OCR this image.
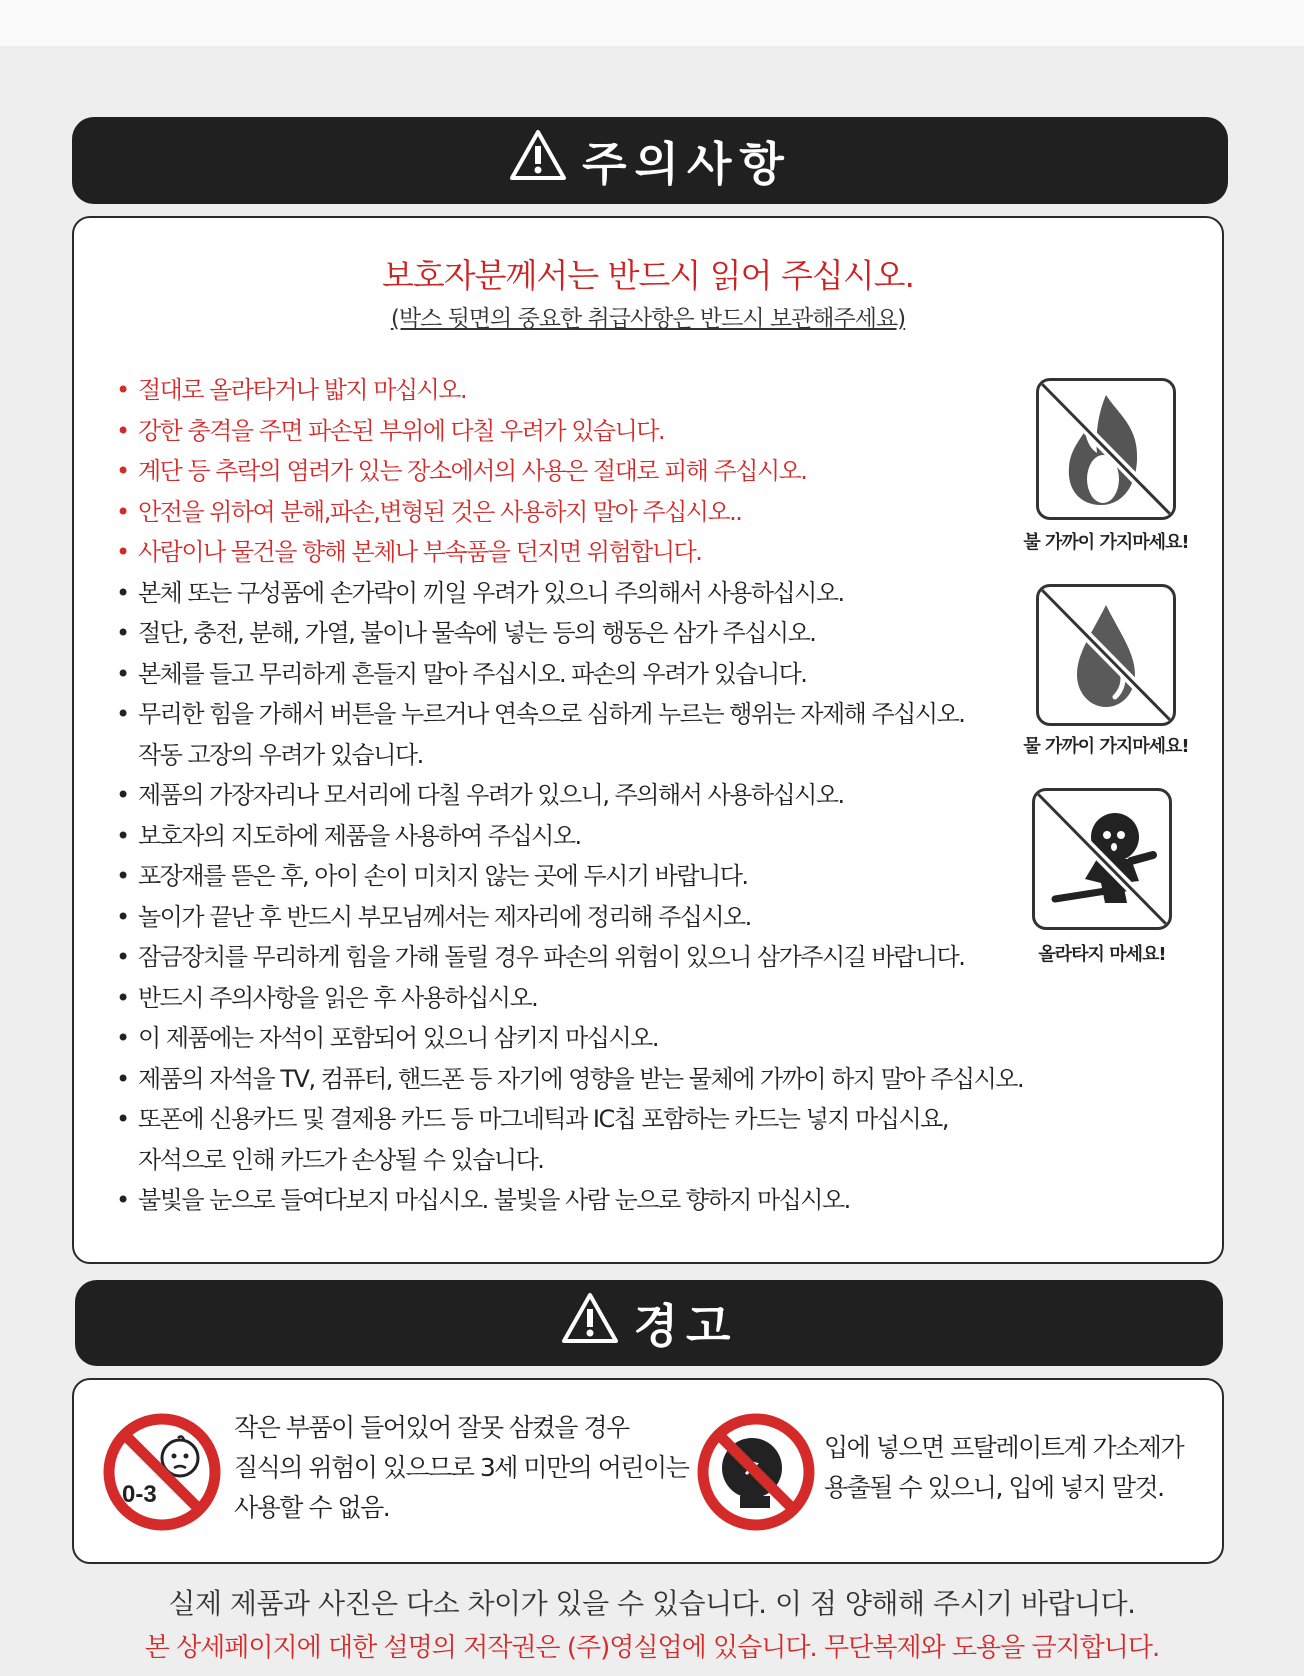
주의사항
보호자분께서는 반드시 읽어 주십시오.
(박스 뒷면의 중요한 취급사항은 반드시 보관해주세요)
• 절대로 올라타거나 밟지 마십시오.
• 강한 충격을 주면 파손된 부위에 다칠 우려가 있습니다.
• 계단 등 추락의 염려가 있는 장소에서의 사용은 절대로 피해 주십시오.
• 안전을 위하여 분해,파손,변형된 것은 사용하지 말아 주십시오..
• 사람이나 물건을 향해 본체나 부속품을 던지면 위험합니다.
• 본체 또는 구성품에 손가락이 끼일 우려가 있으니 주의해서 사용하십시오.
• 절단, 충전, 분해, 가열, 불이나 물속에 넣는 등의 행동은 삼가 주십시오.
• 본체를 들고 무리하게 흔들지 말아 주십시오. 파손의 우려가 있습니다.
• 무리한 힘을 가해서 버튼을 누르거나 연속으로 심하게 누르는 행위는 자제해 주십시오.
작동 고장의 우려가 있습니다.
• 제품의 가장자리나 모서리에 다칠 우려가 있으니, 주의해서 사용하십시오.
• 보호자의 지도하에 제품을 사용하여 주십시오.
• 포장재를 뜯은 후, 아이 손이 미치지 않는 곳에 두시기 바랍니다.
• 놀이가 끝난 후 반드시 부모님께서는 제자리에 정리해 주십시오.
• 잠금장치를 무리하게 힘을 가해 돌릴 경우 파손의 위험이 있으니 삼가주시길 바랍니다.
• 반드시 주의사항을 읽은 후 사용하십시오.
• 이 제품에는 자석이 포함되어 있으니 삼키지 마십시오.
• 제품의 자석을 TV, 컴퓨터, 핸드폰 등 자기에 영향을 받는 물체에 가까이 하지 말아 주십시오.
• 또폰에 신용카드 및 결제용 카드 등 마그네틱과 IC칩 포함하는 카드는 넣지 마십시요,
자석으로 인해 카드가 손상될 수 있습니다.
• 불빛을 눈으로 들여다보지 마십시오. 불빛을 사람 눈으로 향하지 마십시오.
불 가까이 가지마세요!
물 가까이 가지마세요!
올라타지 마세요!
경고
0-3
작은 부품이 들어있어 잘못 삼켰을 경우
질식의 위험이 있으므로 3세 미만의 어린이는
사용할 수 없음.
입에 넣으면 프탈레이트계 가소제가
용출될 수 있으니, 입에 넣지 말것.
실제 제품과 사진은 다소 차이가 있을 수 있습니다. 이 점 양해해 주시기 바랍니다.
본 상세페이지에 대한 설명의 저작권은 (주)영실업에 있습니다. 무단복제와 도용을 금지합니다.
